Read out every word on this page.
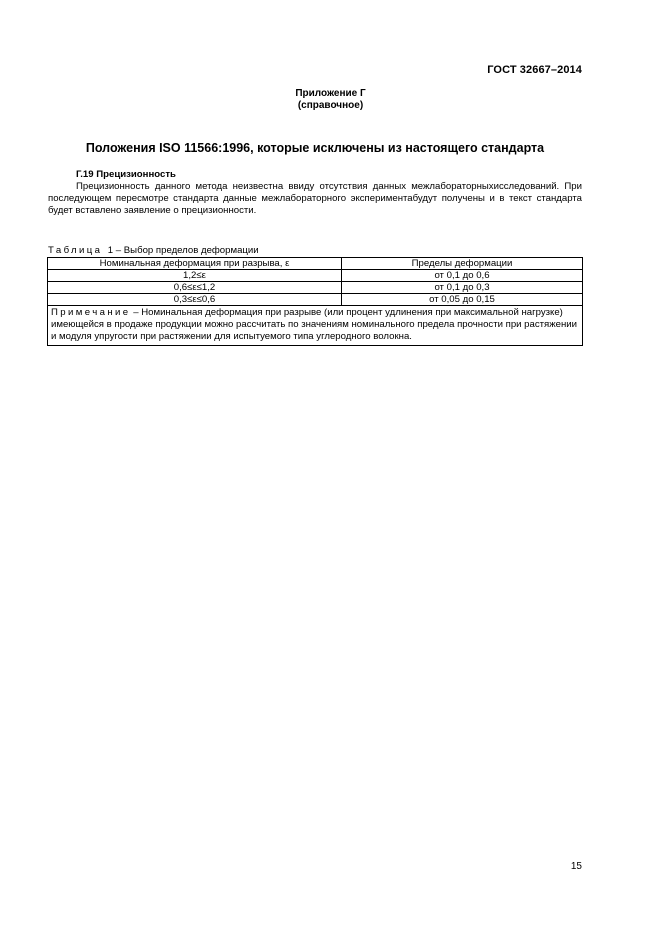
ГОСТ 32667–2014
Приложение Г
(справочное)
Положения ISO 11566:1996, которые исключены из настоящего стандарта
Г.19 Прецизионность

Прецизионность данного метода неизвестна ввиду отсутствия данных межлабораторныхисследований. При последующем пересмотре стандарта данные межлабораторного экспериментабудут получены и в текст стандарта будет вставлено заявление о прецизионности.

Таблица 1 – Выбор пределов деформации
Номинальная деформация при разрыва, ε	Пределы деформации
1,2≤ε	от 0,1 до 0,6
0,6≤ε≤1,2	от 0,1 до 0,3
0,3≤ε≤0,6	от 0,05 до 0,15
Примечание – Номинальная деформация при разрыве (или процент удлинения при максимальной нагрузке) имеющейся в продаже продукции можно рассчитать по значениям номинального предела прочности при растяжении и модуля упругости при растяжении для испытуемого типа углеродного волокна.	
15
